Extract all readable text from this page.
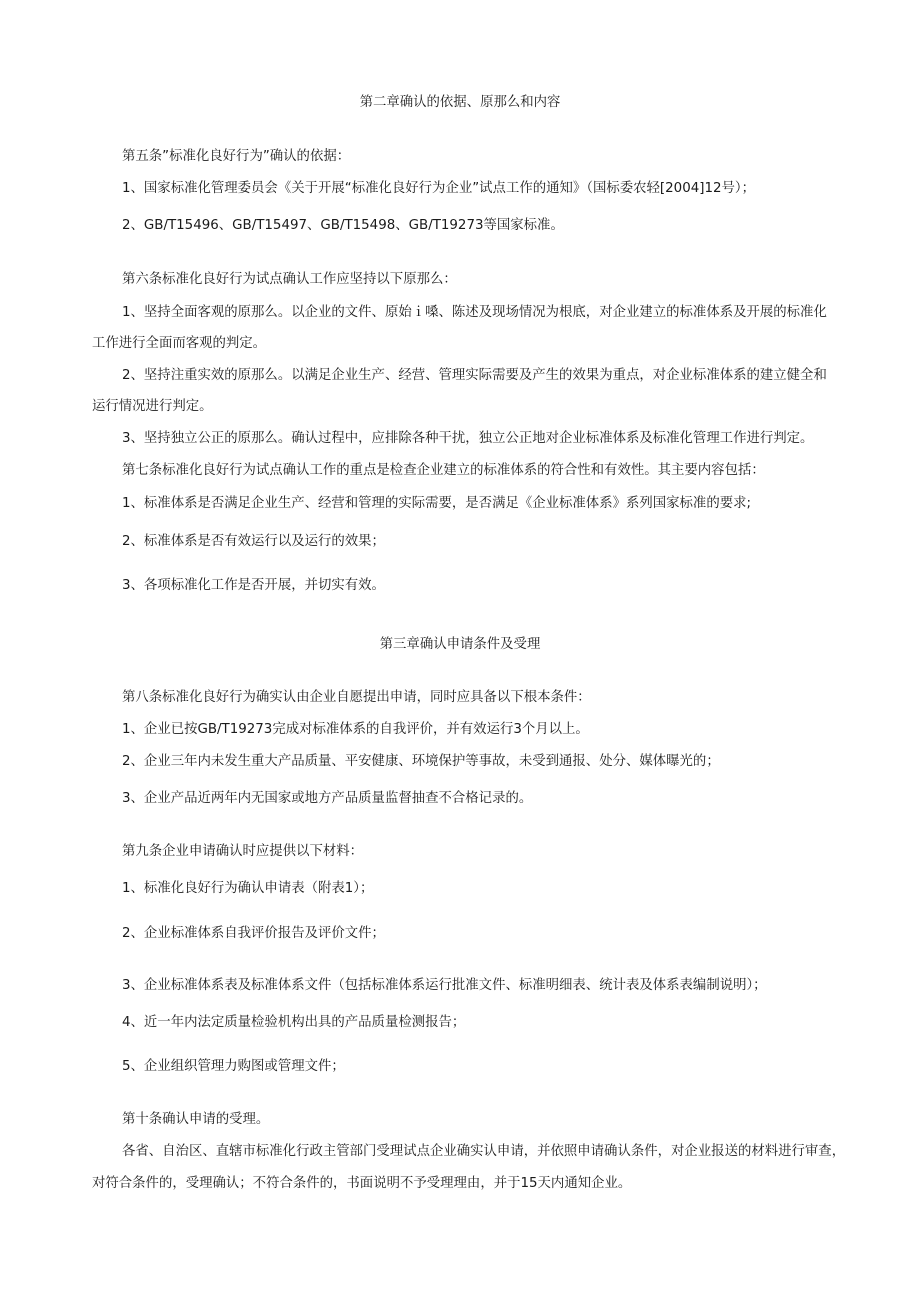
第二章确认的依据、原那么和内容
第五条”标准化良好行为”确认的依据：
1、国家标准化管理委员会《关于开展“标准化良好行为企业”试点工作的通知》（国标委农轻[2004]12号）；
2、GB/T15496、GB/T15497、GB/T15498、GB/T19273等国家标准。
第六条标准化良好行为试点确认工作应坚持以下原那么：
1、坚持全面客观的原那么。以企业的文件、原始ｉ嗓、陈述及现场情况为根底，对企业建立的标准体系及开展的标准化
工作进行全面而客观的判定。
2、坚持注重实效的原那么。以满足企业生产、经营、管理实际需要及产生的效果为重点，对企业标准体系的建立健全和
运行情况进行判定。
3、坚持独立公正的原那么。确认过程中，应排除各种干扰，独立公正地对企业标准体系及标准化管理工作进行判定。
第七条标准化良好行为试点确认工作的重点是检查企业建立的标准体系的符合性和有效性。其主要内容包括：
1、标准体系是否满足企业生产、经营和管理的实际需要，是否满足《企业标准体系》系列国家标准的要求;
2、标准体系是否有效运行以及运行的效果；
3、各项标准化工作是否开展，并切实有效。
第三章确认申请条件及受理
第八条标准化良好行为确实认由企业自愿提出申请，同时应具备以下根本条件：
1、企业已按GB/T19273完成对标准体系的自我评价，并有效运行3个月以上。
2、企业三年内未发生重大产品质量、平安健康、环境保护等事故，未受到通报、处分、媒体曝光的；
3、企业产品近两年内无国家或地方产品质量监督抽查不合格记录的。
第九条企业申请确认时应提供以下材料：
1、标准化良好行为确认申请表（附表1）；
2、企业标准体系自我评价报告及评价文件；
3、企业标准体系表及标准体系文件（包括标准体系运行批准文件、标准明细表、统计表及体系表编制说明）；
4、近一年内法定质量检验机构出具的产品质量检测报告；
5、企业组织管理力购图或管理文件；
第十条确认申请的受理。
各省、自治区、直辖市标准化行政主管部门受理试点企业确实认申请，并依照申请确认条件，对企业报送的材料进行审查，
对符合条件的，受理确认；不符合条件的，书面说明不予受理理由，并于15天内通知企业。
